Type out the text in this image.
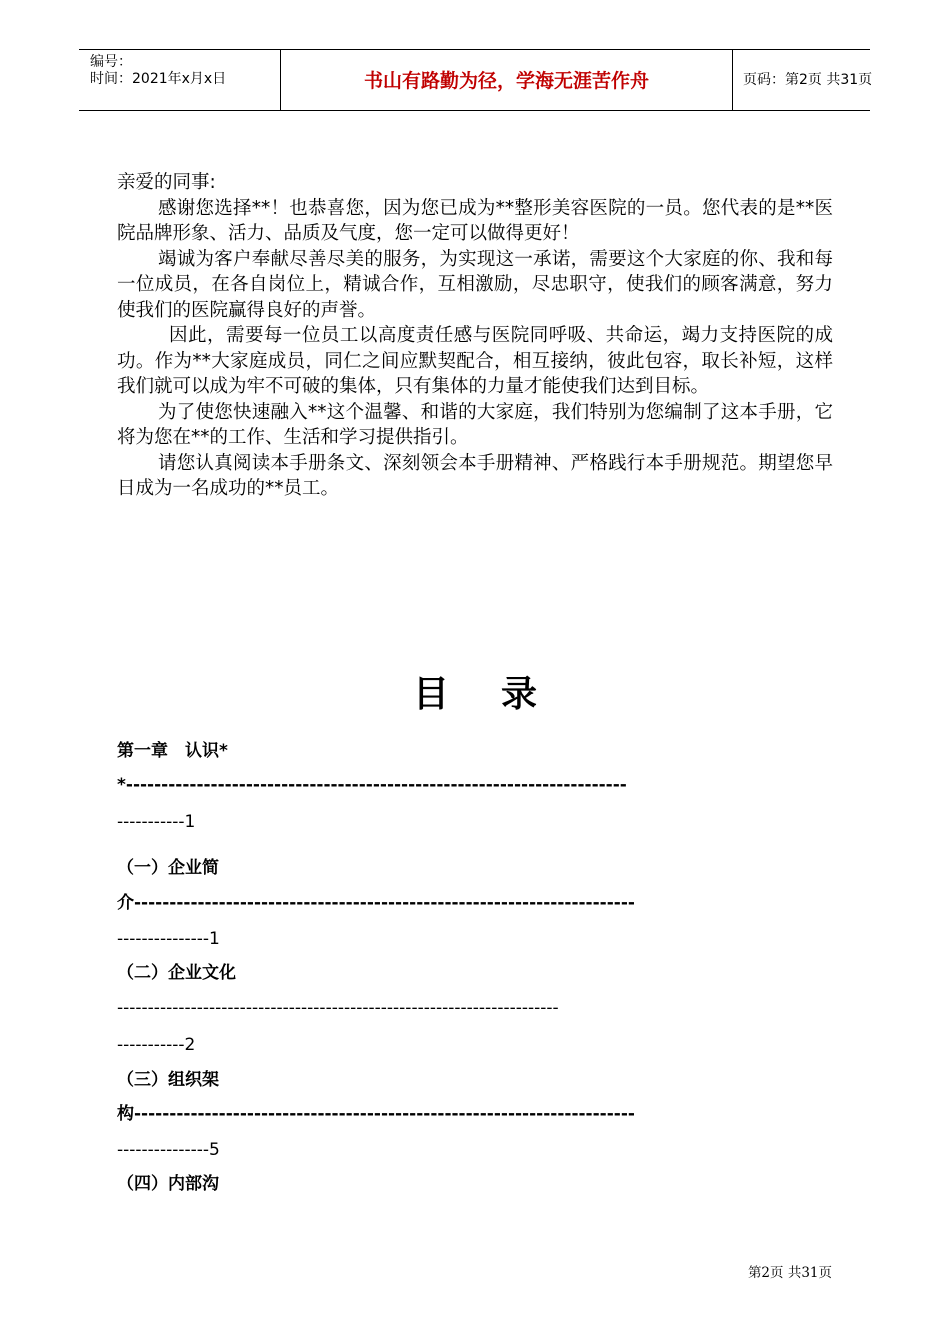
编号：
时间：2021年x月x日	书山有路勤为径，学海无涯苦作舟	页码：第2页 共31页

亲爱的同事:

感谢您选择**！也恭喜您，因为您已成为**整形美容医院的一员。您代表的是**医院品牌形象、活力、品质及气度，您一定可以做得更好！

竭诚为客户奉献尽善尽美的服务，为实现这一承诺，需要这个大家庭的你、我和每一位成员，在各自岗位上，精诚合作，互相激励，尽忠职守，使我们的顾客满意，努力使我们的医院赢得良好的声誉。

因此，需要每一位员工以高度责任感与医院同呼吸、共命运，竭力支持医院的成功。作为**大家庭成员，同仁之间应默契配合，相互接纳，彼此包容，取长补短，这样我们就可以成为牢不可破的集体，只有集体的力量才能使我们达到目标。

为了使您快速融入**这个温馨、和谐的大家庭，我们特别为您编制了这本手册，它将为您在**的工作、生活和学习提供指引。

请您认真阅读本手册条文、深刻领会本手册精神、严格践行本手册规范。期望您早日成为一名成功的**员工。

目录
第一章　认识*
*-----------------------------------------------------------------------
-----------1
（一）企业简
介-----------------------------------------------------------------------
---------------1
（二）企业文化
------------------------------------------------------------------------
-----------2
（三）组织架
构-----------------------------------------------------------------------
---------------5
（四）内部沟
第2页 共31页
